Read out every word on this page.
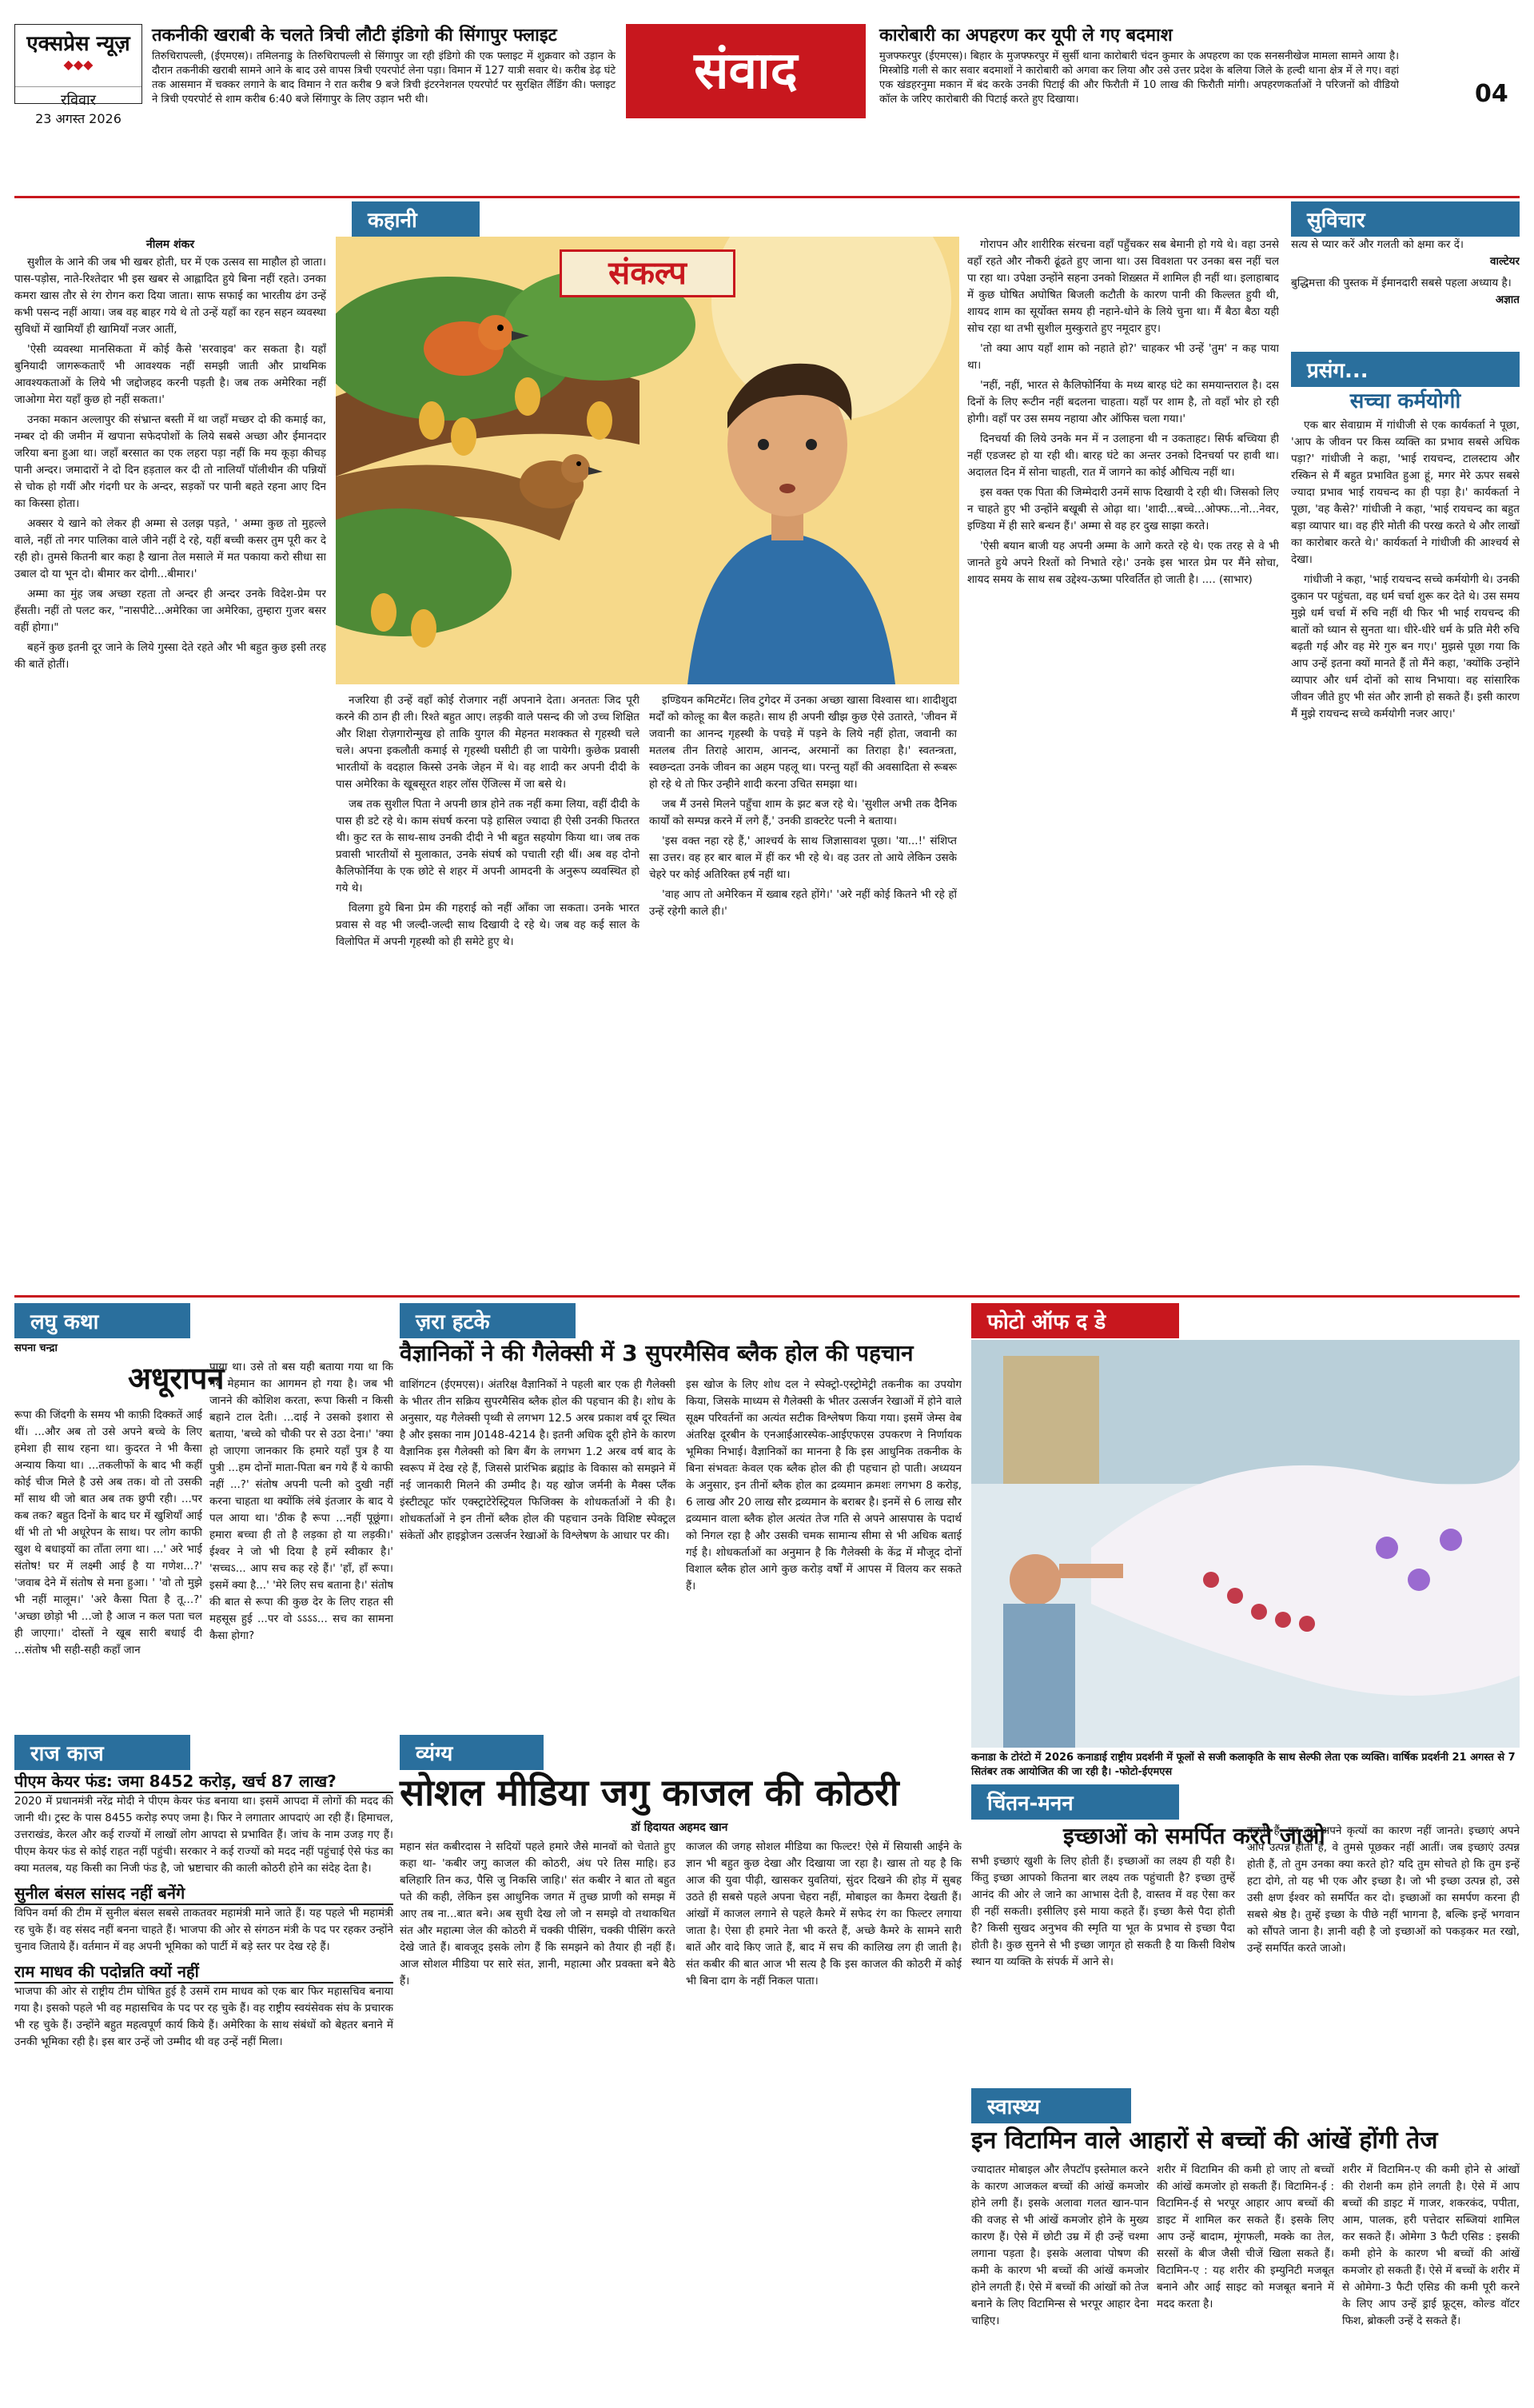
एक्सप्रेस न्यूज़
◆◆◆
रविवार
23 अगस्त 2026
तकनीकी खराबी के चलते त्रिची लौटी इंडिगो की सिंगापुर फ्लाइट

तिरुचिरापल्ली, (ईएमएस)। तमिलनाडु के तिरुचिरापल्ली से सिंगापुर जा रही इंडिगो की एक फ्लाइट में शुक्रवार को उड़ान के दौरान तकनीकी खराबी सामने आने के बाद उसे वापस त्रिची एयरपोर्ट लेना पड़ा। विमान में 127 यात्री सवार थे। करीब डेढ़ घंटे तक आसमान में चक्कर लगाने के बाद विमान ने रात करीब 9 बजे त्रिची इंटरनेशनल एयरपोर्ट पर सुरक्षित लैंडिंग की। फ्लाइट ने त्रिची एयरपोर्ट से शाम करीब 6:40 बजे सिंगापुर के लिए उड़ान भरी थी।	संवाद
कारोबारी का अपहरण कर यूपी ले गए बदमाश

मुजफ्फरपुर (ईएमएस)। बिहार के मुजफ्फरपुर में सुर्सी थाना कारोबारी चंदन कुमार के अपहरण का एक सनसनीखेज मामला सामने आया है। मिस्त्रोडि गली से कार सवार बदमाशों ने कारोबारी को अगवा कर लिया और उसे उत्तर प्रदेश के बलिया जिले के हल्दी थाना क्षेत्र में ले गए। वहां एक खंडहरनुमा मकान में बंद करके उनकी पिटाई की और फिरौती में 10 लाख की फिरौती मांगी। अपहरणकर्ताओं ने परिजनों को वीडियो कॉल के जरिए कारोबारी की पिटाई करते हुए दिखाया।	04
कहानी
नीलम शंकर

सुशील के आने की जब भी खबर होती, घर में एक उत्सव सा माहौल हो जाता। पास-पड़ोस, नाते-रिश्तेदार भी इस खबर से आह्लादित हुये बिना नहीं रहते। उनका कमरा खास तौर से रंग रोगन करा दिया जाता। साफ सफाई का भारतीय ढंग उन्हें कभी पसन्द नहीं आया। जब वह बाहर गये थे तो उन्हें यहाँ का रहन सहन व्यवस्था सुविधाें में खामियाँ ही खामियाँ नजर आतीं,

'ऐसी व्यवस्था मानसिकता में कोई कैसे 'सरवाइव' कर सकता है। यहाँ बुनियादी जागरूकताएँ भी आवश्यक नहीं समझी जाती और प्राथमिक आवश्यकताओं के लिये भी जद्दोजहद करनी पड़ती है। जब तक अमेरिका नहीं जाओगा मेरा यहाँ कुछ हो नहीं सकता।'

उनका मकान अल्लापुर की संभ्रान्त बस्ती में था जहाँ मच्छर दो की कमाई का, नम्बर दो की जमीन में खपाना सफेदपोशों के लिये सबसे अच्छा और ईमानदार जरिया बना हुआ था। जहाँ बरसात का एक लहरा पड़ा नहीं कि मय कूड़ा कीचड़ पानी अन्दर। जमादारों ने दो दिन हड़ताल कर दी तो नालियाँ पॉलीथीन की पन्नियों से चोक हो गयीं और गंदगी घर के अन्दर, सड़कों पर पानी बहते रहना आए दिन का किस्सा होता।

अक्सर ये खाने को लेकर ही अम्मा से उलझ पड़ते, ' अम्मा कुछ तो मुहल्ले वाले, नहीं तो नगर पालिका वाले जीने नहीं दे रहे, यहीं बच्ची कसर तुम पूरी कर दे रही हो। तुमसे कितनी बार कहा है खाना तेल मसाले में मत पकाया करो सीधा सा उबाल दो या भून दो। बीमार कर दोगी...बीमार।'

अम्मा का मुंह जब अच्छा रहता तो अन्दर ही अन्दर उनके विदेश-प्रेम पर हँसती। नहीं तो पलट कर, "नासपीटे...अमेरिका जा अमेरिका, तुम्हारा गुजर बसर वहीं होगा।"

बहनें कुछ इतनी दूर जाने के लिये गुस्सा देते रहते और भी बहुत कुछ इसी तरह की बातें होतीं।

संकल्प

नजरिया ही उन्हें वहाँ कोई रोजगार नहीं अपनाने देता। अनततः जिद पूरी करने की ठान ही ली। रिश्ते बहुत आए। लड़की वाले पसन्द की जो उच्च शिक्षित और शिक्षा रोज़गारोन्मुख हो ताकि युगल की मेहनत मशक्कत से गृहस्थी चले चले। अपना इकलौती कमाई से गृहस्थी घसीटी ही जा पायेगी। कुछेक प्रवासी भारतीयों के वदहाल किस्से उनके जेहन में थे। वह शादी कर अपनी दीदी के पास अमेरिका के खूबसूरत शहर लॉस ऐंजिल्स में जा बसे थे।

जब तक सुशील पिता ने अपनी छात्र होने तक नहीं कमा लिया, वहीं दीदी के पास ही डटे रहे थे। काम संघर्ष करना पड़े हासिल ज्यादा ही ऐसी उनकी फितरत थी। कुट रत के साथ-साथ उनकी दीदी ने भी बहुत सहयोग किया था। जब तक प्रवासी भारतीयों से मुलाकात, उनके संघर्ष को पचाती रही थीं। अब वह दोनो कैलिफोर्निया के एक छोटे से शहर में अपनी आमदनी के अनुरूप व्यवस्थित हो गये थे।

विलगा हुये बिना प्रेम की गहराई को नहीं आँका जा सकता। उनके भारत प्रवास से वह भी जल्दी-जल्दी साथ दिखायी दे रहे थे। जब वह कई साल के विलोपित में अपनी गृहस्थी को ही समेटे हुए थे।

इण्डियन कमिटमेंट। लिव टुगेदर में उनका अच्छा खासा विश्वास था। शादीशुदा मर्दों को कोल्हू का बैल कहते। साथ ही अपनी खीझ कुछ ऐसे उतारते, 'जीवन में जवानी का आनन्द गृहस्थी के पचड़े में पड़ने के लिये नहीं होता, जवानी का मतलब तीन तिराहे आराम, आनन्द, अरमानों का तिराहा है।' स्वतन्त्रता, स्वछन्दता उनके जीवन का अहम पहलू था। परन्तु यहाँ की अवसादिता से रूबरू हो रहे थे तो फिर उन्हीने शादी करना उचित समझा था।

जब मैं उनसे मिलने पहुँचा शाम के झट बज रहे थे। 'सुशील अभी तक दैनिक कार्यों को सम्पन्न करने में लगे हैं,' उनकी डाक्टरेट पत्नी ने बताया।

'इस वक्त नहा रहे हैं,' आश्चर्य के साथ जिज्ञासावश पूछा। 'या...!' संशिप्त सा उत्तर। वह हर बार बाल में हीं कर भी रहे थे। वह उतर तो आये लेकिन उसके चेहरे पर कोई अतिरिक्त हर्ष नहीं था।

'वाह आप तो अमेरिकन में ख्वाब रहते होंगे।' 'अरे नहीं कोई कितने भी रहे हों उन्हें रहेगी काले ही।'

गोरापन और शारीरिक संरचना वहाँ पहुँचकर सब बेमानी हो गये थे। वहा उनसे वहाँ रहते और नौकरी ढूंढते हुए जाना था। उस विवशता पर उनका बस नहीं चल पा रहा था। उपेक्षा उन्होंने सहना उनको शिख़्सत में शामिल ही नहीं था। इलाहाबाद में कुछ घोषित अघोषित बिजली कटौती के कारण पानी की किल्लत हुयी थी, शायद शाम का सूर्योक्त समय ही नहाने-धोने के लिये चुना था। मैं बैठा बैठा यही सोच रहा था तभी सुशील मुस्कुराते हुए नमूदार हुए।

'तो क्या आप यहाँ शाम को नहाते हो?' चाहकर भी उन्हें 'तुम' न कह पाया था।

'नहीं, नहीं, भारत से कैलिफोर्निया के मध्य बारह घंटे का समयान्तराल है। दस दिनों के लिए रूटीन नहीं बदलना चाहता। यहाँ पर शाम है, तो वहाँ भोर हो रही होगी। वहाँ पर उस समय नहाया और ऑफिस चला गया।'

दिनचर्या की लिये उनके मन में न उलाहना थी न उकताहट। सिर्फ बच्चिया ही नहीं एडजस्ट हो या रही थी। बारह घंटे का अन्तर उनको दिनचर्या पर हावी था। अदालत दिन में सोना चाहती, रात में जागने का कोई औचित्य नहीं था।

इस वक्त एक पिता की जिम्मेदारी उनमें साफ दिखायी दे रही थी। जिसको लिए न चाहते हुए भी उन्होंने बखूबी से ओढ़ा था। 'शादी...बच्चे...ओफ्फ...नो...नेवर, इण्डिया में ही सारे बन्धन हैं।' अम्मा से वह हर दुख साझा करते।

'ऐसी बयान बाजी यह अपनी अम्मा के आगे करते रहे थे। एक तरह से वे भी जानते हुये अपने रिश्तों को निभाते रहे।' उनके इस भारत प्रेम पर मैंने सोचा, शायद समय के साथ सब उद्देश्य-ऊष्मा परिवर्तित हो जाती है। .... (साभार)

सुविचार
सत्य से प्यार करें और गलती को क्षमा कर दें।
वाल्टेयर
बुद्धिमत्ता की पुस्तक में ईमानदारी सबसे पहला अध्याय है।
अज्ञात
प्रसंग...
सच्चा कर्मयोगी

एक बार सेवाग्राम में गांधीजी से एक कार्यकर्ता ने पूछा, 'आप के जीवन पर किस व्यक्ति का प्रभाव सबसे अधिक पड़ा?' गांधीजी ने कहा, 'भाई रायचन्द, टालस्टाय और रस्किन से मैं बहुत प्रभावित हुआ हूं, मगर मेरे ऊपर सबसे ज्यादा प्रभाव भाई रायचन्द का ही पड़ा है।' कार्यकर्ता ने पूछा, 'वह कैसे?' गांधीजी ने कहा, 'भाई रायचन्द का बहुत बड़ा व्यापार था। वह हीरे मोती की परख करते थे और लाखों का कारोबार करते थे।' कार्यकर्ता ने गांधीजी की आश्चर्य से देखा।

गांधीजी ने कहा, 'भाई रायचन्द सच्चे कर्मयोगी थे। उनकी दुकान पर पहुंचता, वह धर्म चर्चा शुरू कर देते थे। उस समय मुझे धर्म चर्चा में रुचि नहीं थी फिर भी भाई रायचन्द की बातों को ध्यान से सुनता था। धीरे-धीरे धर्म के प्रति मेरी रुचि बढ़ती गई और वह मेरे गुरु बन गए।' मुझसे पूछा गया कि आप उन्हें इतना क्यों मानते हैं तो मैंने कहा, 'क्योंकि उन्होंने व्यापार और धर्म दोनों को साथ निभाया। वह सांसारिक जीवन जीते हुए भी संत और ज्ञानी हो सकते हैं। इसी कारण मैं मुझे रायचन्द सच्चे कर्मयोगी नजर आए।'

लघु कथा
सपना चन्द्रा
अधूरापन
रूपा की जिंदगी के समय भी काफ़ी दिक्कतें आई थीं। ...और अब तो उसे अपने बच्चे के लिए हमेशा ही साथ रहना था। कुदरत ने भी कैसा अन्याय किया था। ...तकलीफों के बाद भी कहीं कोई चीज मिले है उसे अब तक। वो तो उसकी माँ साथ थी जो बात अब तक छुपी रही। ...पर कब तक? बहुत दिनों के बाद घर में खुशियाँ आई थीं भी तो भी अधूरेपन के साथ। पर लोग काफी खुश थे बधाइयों का ताँता लगा था। ...' अरे भाई संतोष! घर में लक्ष्मी आई है या गणेश...?' 'जवाब देने में संतोष से मना हुआ। ' 'वो तो मुझे भी नहीं मालूम।' 'अरे कैसा पिता है तू...?' 'अच्छा छोड़ो भी ...जो है आज न कल पता चल ही जाएगा।' दोस्तों ने खूब सारी बधाई दी ...संतोष भी सही-सही कहाँ जान
पाया था। उसे तो बस यही बताया गया था कि नये मेहमान का आगमन हो गया है। जब भी जानने की कोशिश करता, रूपा किसी न किसी बहाने टाल देती। ...दाई ने उसको इशारा से बताया, 'बच्चे को चौकी पर से उठा देना।' 'क्या हो जाएगा जानकार कि हमारे यहाँ पुत्र है या पुत्री ...हम दोनों माता-पिता बन गये हैं ये काफी नहीं ...?' संतोष अपनी पत्नी को दुखी नहीं करना चाहता था क्योंकि लंबे इंतजार के बाद ये पल आया था। 'ठीक है रूपा ...नहीं पूछूंगा। हमारा बच्चा ही तो है लड़का हो या लड़की।' ईश्वर ने जो भी दिया है हमें स्वीकार है।' 'सच्चऽ... आप सच कह रहे हैं।' 'हाँ, हाँ रूपा। इसमें क्या है...' 'मेरे लिए सच बताना है।' संतोष की बात से रूपा की कुछ देर के लिए राहत सी महसूस हुई ...पर वो ऽऽऽऽ... सच का सामना कैसा होगा?
ज़रा हटके
वैज्ञानिकों ने की गैलेक्सी में 3 सुपरमैसिव ब्लैक होल की पहचान
वाशिंगटन (ईएमएस)। अंतरिक्ष वैज्ञानिकों ने पहली बार एक ही गैलेक्सी के भीतर तीन सक्रिय सुपरमैसिव ब्लैक होल की पहचान की है। शोध के अनुसार, यह गैलेक्सी पृथ्वी से लगभग 12.5 अरब प्रकाश वर्ष दूर स्थित है और इसका नाम J0148-4214 है। इतनी अधिक दूरी होने के कारण वैज्ञानिक इस गैलेक्सी को बिग बैंग के लगभग 1.2 अरब वर्ष बाद के स्वरूप में देख रहे हैं, जिससे प्रारंभिक ब्रह्मांड के विकास को समझने में नई जानकारी मिलने की उम्मीद है। यह खोज जर्मनी के मैक्स प्लैंक इंस्टीट्यूट फॉर एक्स्ट्राटेरेस्ट्रियल फिजिक्स के शोधकर्ताओं ने की है। शोधकर्ताओं ने इन तीनों ब्लैक होल की पहचान उनके विशिष्ट स्पेक्ट्रल संकेतों और हाइड्रोजन उत्सर्जन रेखाओं के विश्लेषण के आधार पर की।
इस खोज के लिए शोध दल ने स्पेक्ट्रो-एस्ट्रोमेट्री तकनीक का उपयोग किया, जिसके माध्यम से गैलेक्सी के भीतर उत्सर्जन रेखाओं में होने वाले सूक्ष्म परिवर्तनों का अत्यंत सटीक विश्लेषण किया गया। इसमें जेम्स वेब अंतरिक्ष दूरबीन के एनआईआरस्पेक-आईएफएस उपकरण ने निर्णायक भूमिका निभाई। वैज्ञानिकों का मानना है कि इस आधुनिक तकनीक के बिना संभवतः केवल एक ब्लैक होल की ही पहचान हो पाती। अध्ययन के अनुसार, इन तीनों ब्लैक होल का द्रव्यमान क्रमशः लगभग 8 करोड़, 6 लाख और 20 लाख सौर द्रव्यमान के बराबर है। इनमें से 6 लाख सौर द्रव्यमान वाला ब्लैक होल अत्यंत तेज गति से अपने आसपास के पदार्थ को निगल रहा है और उसकी चमक सामान्य सीमा से भी अधिक बताई गई है। शोधकर्ताओं का अनुमान है कि गैलेक्सी के केंद्र में मौजूद दोनों विशाल ब्लैक होल आगे कुछ करोड़ वर्षों में आपस में विलय कर सकते हैं।
फोटो ऑफ द डे
कनाडा के टोरंटो में 2026 कनाडाई राष्ट्रीय प्रदर्शनी में फूलों से सजी कलाकृति के साथ सेल्फी लेता एक व्यक्ति। वार्षिक प्रदर्शनी 21 अगस्त से 7 सितंबर तक आयोजित की जा रही है। -फोटो-ईएमएस
राज काज
पीएम केयर फंड: जमा 8452 करोड़, खर्च 87 लाख?
2020 में प्रधानमंत्री नरेंद्र मोदी ने पीएम केयर फंड बनाया था। इसमें आपदा में लोगों की मदद की जानी थी। ट्रस्ट के पास 8455 करोड़ रुपए जमा है। फिर ने लगातार आपदाएं आ रही हैं। हिमाचल, उत्तराखंड, केरल और कई राज्यों में लाखों लोग आपदा से प्रभावित हैं। जांच के नाम उजड़ गए हैं। पीएम केयर फंड से कोई राहत नहीं पहुंची। सरकार ने कई राज्यों को मदद नहीं पहुंचाई ऐसे फंड का क्या मतलब, यह किसी का निजी फंड है, जो भ्रष्टाचार की काली कोठरी होने का संदेह देता है।
सुनील बंसल सांसद नहीं बनेंगे
विपिन वर्मा की टीम में सुनील बंसल सबसे ताकतवर महामंत्री माने जाते हैं। यह पहले भी महामंत्री रह चुके हैं। वह संसद नहीं बनना चाहते हैं। भाजपा की ओर से संगठन मंत्री के पद पर रहकर उन्होंने चुनाव जिताये हैं। वर्तमान में वह अपनी भूमिका को पार्टी में बड़े स्तर पर देख रहे हैं।
राम माधव की पदोन्नति क्यों नहीं
भाजपा की ओर से राष्ट्रीय टीम घोषित हुई है उसमें राम माधव को एक बार फिर महासचिव बनाया गया है। इसको पहले भी वह महासचिव के पद पर रह चुके हैं। वह राष्ट्रीय स्वयंसेवक संघ के प्रचारक भी रह चुके हैं। उन्होंने बहुत महत्वपूर्ण कार्य किये हैं। अमेरिका के साथ संबंधों को बेहतर बनाने में उनकी भूमिका रही है। इस बार उन्हें जो उम्मीद थी वह उन्हें नहीं मिला।
व्यंग्य
सोशल मीडिया जगु काजल की कोठरी
डॉ हिदायत अहमद खान
महान संत कबीरदास ने सदियों पहले हमारे जैसे मानवों को चेताते हुए कहा था- 'कबीर जगु काजल की कोठरी, अंध परे तिस माहि। हउ बलिहारि तिन कउ, पैसि जु निकसि जाहि।' संत कबीर ने बात तो बहुत पते की कही, लेकिन इस आधुनिक जगत में तुच्छ प्राणी को समझ में आए तब ना...बात बने। अब सुधी देख लो जो न समझे वो तथाकथित संत और महात्मा जेल की कोठरी में चक्की पीसिंग, चक्की पीसिंग करते देखे जाते हैं। बावजूद इसके लोग हैं कि समझने को तैयार ही नहीं हैं। आज सोशल मीडिया पर सारे संत, ज्ञानी, महात्मा और प्रवक्ता बने बैठे हैं।
काजल की जगह सोशल मीडिया का फिल्टर! ऐसे में सियासी आईने के ज्ञान भी बहुत कुछ देखा और दिखाया जा रहा है। खास तो यह है कि आज की युवा पीढ़ी, खासकर युवतियां, सुंदर दिखने की होड़ में सुबह उठते ही सबसे पहले अपना चेहरा नहीं, मोबाइल का कैमरा देखती हैं। आंखों में काजल लगाने से पहले कैमरे में सफेद रंग का फिल्टर लगाया जाता है। ऐसा ही हमारे नेता भी करते हैं, अच्छे कैमरे के सामने सारी बातें और वादे किए जाते हैं, बाद में सच की कालिख लग ही जाती है। संत कबीर की बात आज भी सत्य है कि इस काजल की कोठरी में कोई भी बिना दाग के नहीं निकल पाता।
चिंतन-मनन
इच्छाओं को समर्पित करते जाओ
सभी इच्छाएं खुशी के लिए होती हैं। इच्छाओं का लक्ष्य ही यही है। किंतु इच्छा आपको कितना बार लक्ष्य तक पहुंचाती है? इच्छा तुम्हें आनंद की ओर ले जाने का आभास देती है, वास्तव में वह ऐसा कर ही नहीं सकती। इसीलिए इसे माया कहते हैं। इच्छा कैसे पैदा होती है? किसी सुखद अनुभव की स्मृति या भूत के प्रभाव से इच्छा पैदा होती है। कुछ सुनने से भी इच्छा जागृत हो सकती है या किसी विशेष स्थान या व्यक्ति के संपर्क में आने से।
करती हैं, पर तुम अपने कृत्यों का कारण नहीं जानते। इच्छाएं अपने आप उत्पन्न होती हैं, वे तुमसे पूछकर नहीं आतीं। जब इच्छाएं उत्पन्न होती हैं, तो तुम उनका क्या करते हो? यदि तुम सोचते हो कि तुम इन्हें हटा दोगे, तो यह भी एक और इच्छा है। जो भी इच्छा उत्पन्न हो, उसे उसी क्षण ईश्वर को समर्पित कर दो। इच्छाओं का समर्पण करना ही सबसे श्रेष्ठ है। तुम्हें इच्छा के पीछे नहीं भागना है, बल्कि इन्हें भगवान को सौंपते जाना है। ज्ञानी वही है जो इच्छाओं को पकड़कर मत रखो, उन्हें समर्पित करते जाओ।
स्वास्थ्य
इन विटामिन वाले आहारों से बच्चों की आंखें होंगी तेज
ज्यादातर मोबाइल और लैपटॉप इस्तेमाल करने के कारण आजकल बच्चों की आंखें कमजोर होने लगी हैं। इसके अलावा गलत खान-पान की वजह से भी आंखें कमजोर होने के मुख्य कारण हैं। ऐसे में छोटी उम्र में ही उन्हें चश्मा लगाना पड़ता है। इसके अलावा पोषण की कमी के कारण भी बच्चों की आंखें कमजोर होने लगती हैं। ऐसे में बच्चों की आंखों को तेज बनाने के लिए विटामिन्स से भरपूर आहार देना चाहिए।
शरीर में विटामिन की कमी हो जाए तो बच्चों की आंखें कमजोर हो सकती हैं। विटामिन-ई : विटामिन-ई से भरपूर आहार आप बच्चों की डाइट में शामिल कर सकते हैं। इसके लिए आप उन्हें बादाम, मूंगफली, मक्के का तेल, सरसों के बीज जैसी चीजें खिला सकते हैं। विटामिन-ए : यह शरीर की इम्युनिटी मजबूत बनाने और आई साइट को मजबूत बनाने में मदद करता है।
शरीर में विटामिन-ए की कमी होने से आंखों की रोशनी कम होने लगती है। ऐसे में आप बच्चों की डाइट में गाजर, शकरकंद, पपीता, आम, पालक, हरी पत्तेदार सब्जियां शामिल कर सकते हैं। ओमेगा 3 फैटी एसिड : इसकी कमी होने के कारण भी बच्चों की आंखें कमजोर हो सकती हैं। ऐसे में बच्चों के शरीर में से ओमेगा-3 फैटी एसिड की कमी पूरी करने के लिए आप उन्हें ड्राई फ्रूट्स, कोल्ड वॉटर फिश, ब्रोकली उन्हें दे सकते हैं।
